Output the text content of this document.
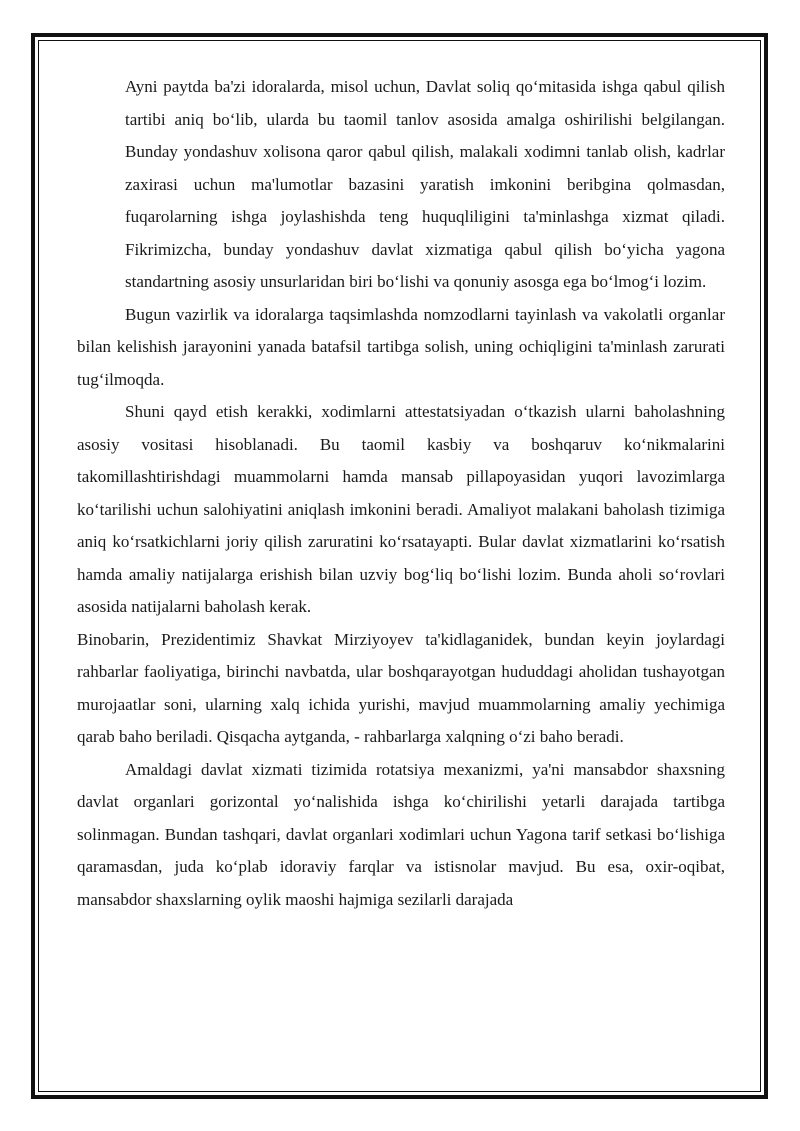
Ayni paytda ba'zi idoralarda, misol uchun, Davlat soliq qo‘mitasida ishga qabul qilish tartibi aniq bo‘lib, ularda bu taomil tanlov asosida amalga oshirilishi belgilangan. Bunday yondashuv xolisona qaror qabul qilish, malakali xodimni tanlab olish, kadrlar zaxirasi uchun ma'lumotlar bazasini yaratish imkonini beribgina qolmasdan, fuqarolarning ishga joylashishda teng huquqliligini ta'minlashga xizmat qiladi. Fikrimizcha, bunday yondashuv davlat xizmatiga qabul qilish bo‘yicha yagona standartning asosiy unsurlaridan biri bo‘lishi va qonuniy asosga ega bo‘lmog‘i lozim.

Bugun vazirlik va idoralarga taqsimlashda nomzodlarni tayinlash va vakolatli organlar bilan kelishish jarayonini yanada batafsil tartibga solish, uning ochiqligini ta'minlash zarurati tug‘ilmoqda.

Shuni qayd etish kerakki, xodimlarni attestatsiyadan o‘tkazish ularni baholashning asosiy vositasi hisoblanadi. Bu taomil kasbiy va boshqaruv ko‘nikmalarini takomillashtirishdagi muammolarni hamda mansab pillapoyasidan yuqori lavozimlarga ko‘tarilishi uchun salohiyatini aniqlash imkonini beradi. Amaliyot malakani baholash tizimiga aniq ko‘rsatkichlarni joriy qilish zaruratini ko‘rsatayapti. Bular davlat xizmatlarini ko‘rsatish hamda amaliy natijalarga erishish bilan uzviy bog‘liq bo‘lishi lozim. Bunda aholi so‘rovlari asosida natijalarni baholash kerak.

Binobarin, Prezidentimiz Shavkat Mirziyoyev ta'kidlaganidek, bundan keyin joylardagi rahbarlar faoliyatiga, birinchi navbatda, ular boshqarayotgan hududdagi aholidan tushayotgan murojaatlar soni, ularning xalq ichida yurishi, mavjud muammolarning amaliy yechimiga qarab baho beriladi. Qisqacha aytganda, - rahbarlarga xalqning o‘zi baho beradi.

Amaldagi davlat xizmati tizimida rotatsiya mexanizmi, ya'ni mansabdor shaxsning davlat organlari gorizontal yo‘nalishida ishga ko‘chirilishi yetarli darajada tartibga solinmagan. Bundan tashqari, davlat organlari xodimlari uchun Yagona tarif setkasi bo‘lishiga qaramasdan, juda ko‘plab idoraviy farqlar va istisnolar mavjud. Bu esa, oxir-oqibat, mansabdor shaxslarning oylik maoshi hajmiga sezilarli darajada
